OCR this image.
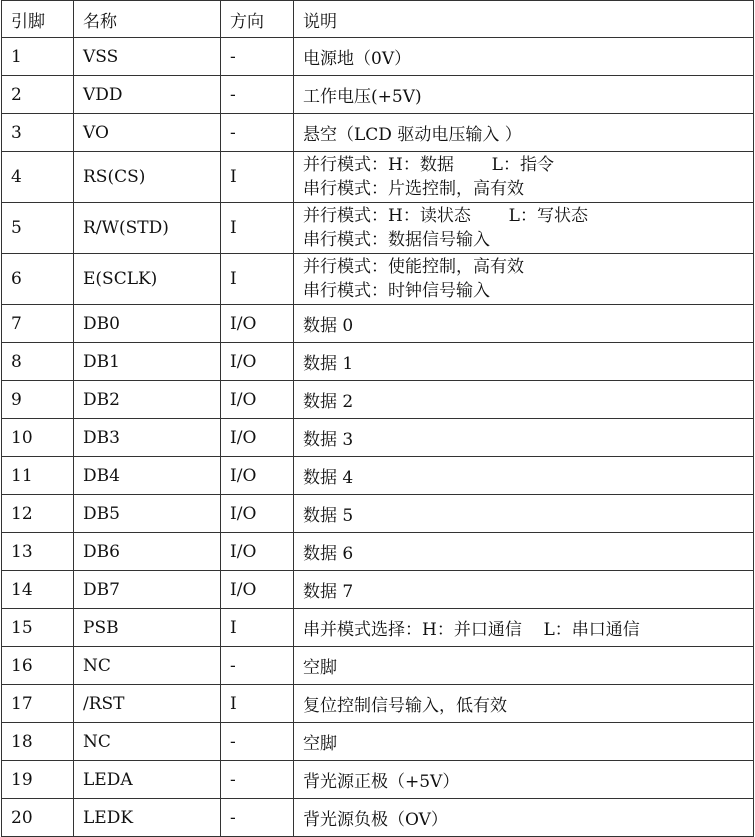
引脚	名称	方向	说明
1	VSS	-	电源地（0V）

2	VDD	-	工作电压(+5V)

3	VO	-	悬空（LCD 驱动电压输入 ）

4	RS(CS)	I	并行模式：H：数据       L：指令
串行模式：片选控制，高有效

5	R/W(STD)	I	并行模式：H：读状态       L：写状态
串行模式：数据信号输入

6	E(SCLK)	I	并行模式：使能控制，高有效
串行模式：时钟信号输入

7	DB0	I/O	数据 0

8	DB1	I/O	数据 1

9	DB2	I/O	数据 2

10	DB3	I/O	数据 3

11	DB4	I/O	数据 4

12	DB5	I/O	数据 5

13	DB6	I/O	数据 6

14	DB7	I/O	数据 7

15	PSB	I	串并模式选择：H：并口通信    L：串口通信

16	NC	-	空脚

17	/RST	I	复位控制信号输入，低有效

18	NC	-	空脚

19	LEDA	-	背光源正极（+5V）

20	LEDK	-	背光源负极（OV）
